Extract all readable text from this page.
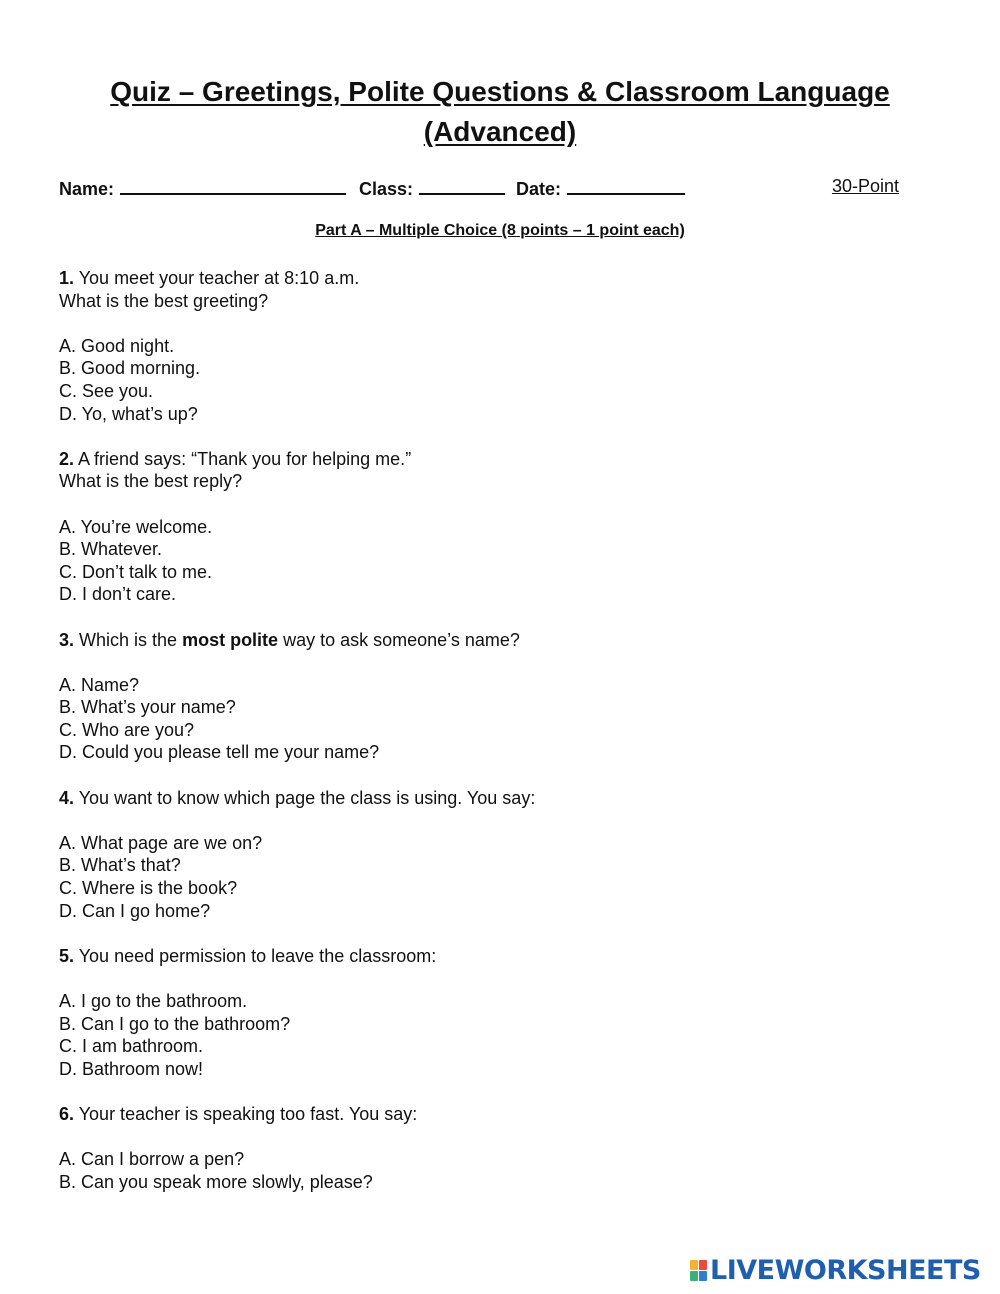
Quiz – Greetings, Polite Questions & Classroom Language
(Advanced)
Name:	Class:	Date:	30-Point
Part A – Multiple Choice (8 points – 1 point each)
1. You meet your teacher at 8:10 a.m.
What is the best greeting?
A. Good night.
B. Good morning.
C. See you.
D. Yo, what’s up?
2. A friend says: “Thank you for helping me.”
What is the best reply?
A. You’re welcome.
B. Whatever.
C. Don’t talk to me.
D. I don’t care.
3. Which is the most polite way to ask someone’s name?
A. Name?
B. What’s your name?
C. Who are you?
D. Could you please tell me your name?
4. You want to know which page the class is using. You say:
A. What page are we on?
B. What’s that?
C. Where is the book?
D. Can I go home?
5. You need permission to leave the classroom:
A. I go to the bathroom.
B. Can I go to the bathroom?
C. I am bathroom.
D. Bathroom now!
6. Your teacher is speaking too fast. You say:
A. Can I borrow a pen?
B. Can you speak more slowly, please?
LIVEWORKSHEETS
